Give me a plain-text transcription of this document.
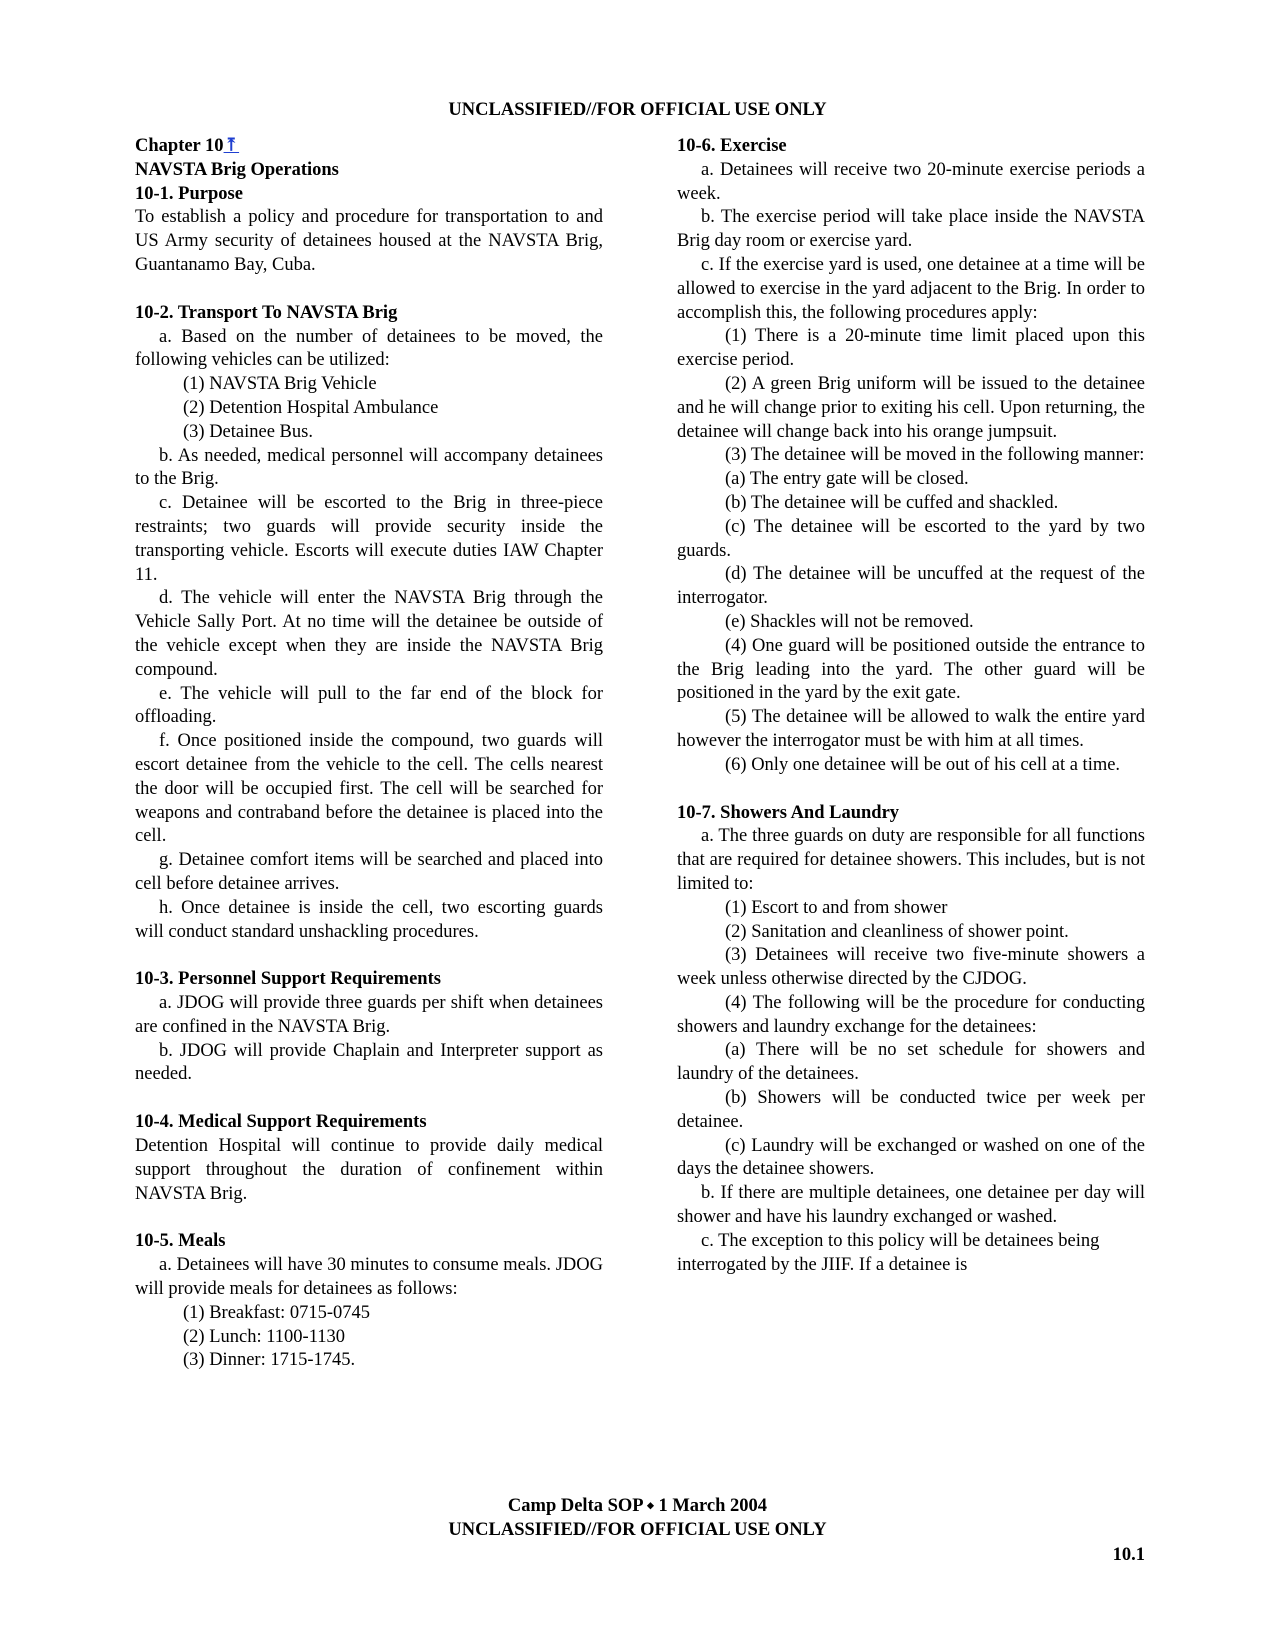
UNCLASSIFIED//FOR OFFICIAL USE ONLY

Chapter 10⤒

NAVSTA Brig Operations

10-1. Purpose

To establish a policy and procedure for transportation to and US Army security of detainees housed at the NAVSTA Brig, Guantanamo Bay, Cuba.

10-2. Transport To NAVSTA Brig

a. Based on the number of detainees to be moved, the following vehicles can be utilized:

(1) NAVSTA Brig Vehicle

(2) Detention Hospital Ambulance

(3) Detainee Bus.

b. As needed, medical personnel will accompany detainees to the Brig.

c. Detainee will be escorted to the Brig in three-piece restraints; two guards will provide security inside the transporting vehicle. Escorts will execute duties IAW Chapter 11.

d. The vehicle will enter the NAVSTA Brig through the Vehicle Sally Port. At no time will the detainee be outside of the vehicle except when they are inside the NAVSTA Brig compound.

e. The vehicle will pull to the far end of the block for offloading.

f. Once positioned inside the compound, two guards will escort detainee from the vehicle to the cell. The cells nearest the door will be occupied first. The cell will be searched for weapons and contraband before the detainee is placed into the cell.

g. Detainee comfort items will be searched and placed into cell before detainee arrives.

h. Once detainee is inside the cell, two escorting guards will conduct standard unshackling procedures.

10-3. Personnel Support Requirements

a. JDOG will provide three guards per shift when detainees are confined in the NAVSTA Brig.

b. JDOG will provide Chaplain and Interpreter support as needed.

10-4. Medical Support Requirements

Detention Hospital will continue to provide daily medical support throughout the duration of confinement within NAVSTA Brig.

10-5. Meals

a. Detainees will have 30 minutes to consume meals. JDOG will provide meals for detainees as follows:

(1) Breakfast: 0715-0745

(2) Lunch: 1100-1130

(3) Dinner: 1715-1745.

10-6. Exercise

a. Detainees will receive two 20-minute exercise periods a week.

b. The exercise period will take place inside the NAVSTA Brig day room or exercise yard.

c. If the exercise yard is used, one detainee at a time will be allowed to exercise in the yard adjacent to the Brig. In order to accomplish this, the following procedures apply:

(1) There is a 20-minute time limit placed upon this exercise period.

(2) A green Brig uniform will be issued to the detainee and he will change prior to exiting his cell. Upon returning, the detainee will change back into his orange jumpsuit.

(3) The detainee will be moved in the following manner:

(a) The entry gate will be closed.

(b) The detainee will be cuffed and shackled.

(c) The detainee will be escorted to the yard by two guards.

(d) The detainee will be uncuffed at the request of the interrogator.

(e) Shackles will not be removed.

(4) One guard will be positioned outside the entrance to the Brig leading into the yard. The other guard will be positioned in the yard by the exit gate.

(5) The detainee will be allowed to walk the entire yard however the interrogator must be with him at all times.

(6) Only one detainee will be out of his cell at a time.

10-7. Showers And Laundry

a. The three guards on duty are responsible for all functions that are required for detainee showers. This includes, but is not limited to:

(1) Escort to and from shower

(2) Sanitation and cleanliness of shower point.

(3) Detainees will receive two five-minute showers a week unless otherwise directed by the CJDOG.

(4) The following will be the procedure for conducting showers and laundry exchange for the detainees:

(a) There will be no set schedule for showers and laundry of the detainees.

(b) Showers will be conducted twice per week per detainee.

(c) Laundry will be exchanged or washed on one of the days the detainee showers.

b. If there are multiple detainees, one detainee per day will shower and have his laundry exchanged or washed.

c. The exception to this policy will be detainees being interrogated by the JIIF. If a detainee is

Camp Delta SOP ⬩ 1 March 2004
UNCLASSIFIED//FOR OFFICIAL USE ONLY
10.1
